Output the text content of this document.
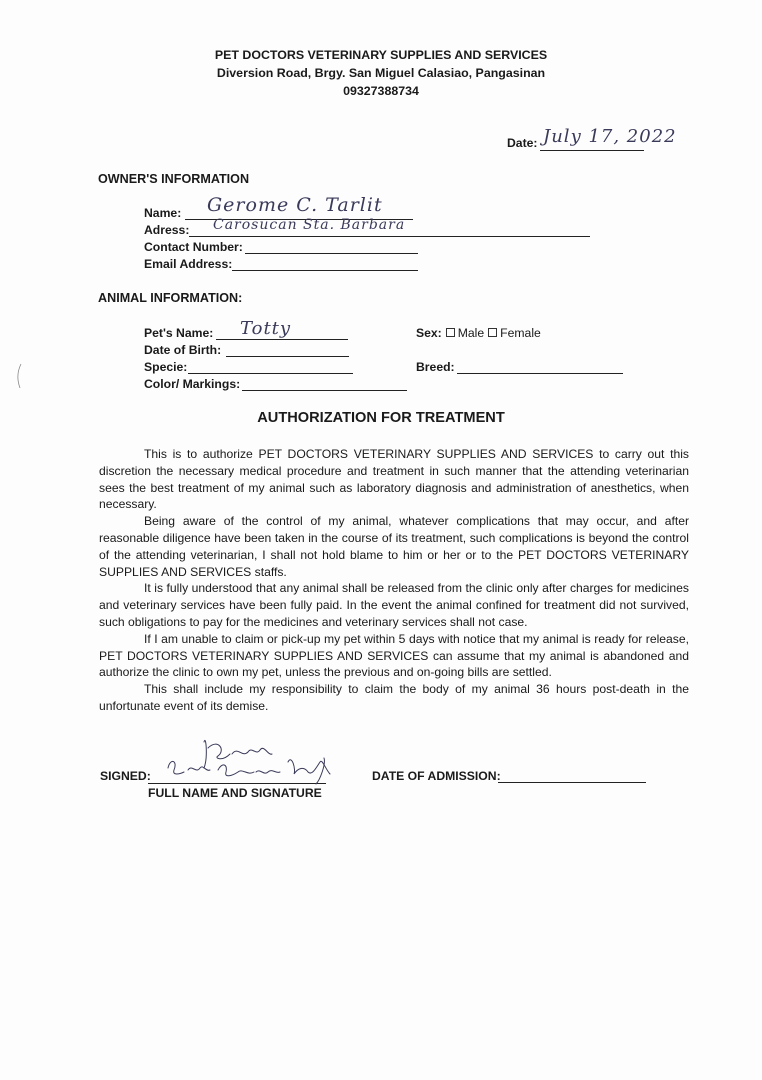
PET DOCTORS VETERINARY SUPPLIES AND SERVICES
Diversion Road, Brgy. San Miguel Calasiao, Pangasinan
09327388734
Date: July 17, 2022
OWNER'S INFORMATION
Name: Gerome C. Tarlit
Adress: Carosucan Sta. Barbara
Contact Number:
Email Address:
ANIMAL INFORMATION:
Pet's Name: Totty
Date of Birth:
Specie:
Color/ Markings:
Sex: Male Female
Breed:
AUTHORIZATION FOR TREATMENT

This is to authorize PET DOCTORS VETERINARY SUPPLIES AND SERVICES to carry out this discretion the necessary medical procedure and treatment in such manner that the attending veterinarian sees the best treatment of my animal such as laboratory diagnosis and administration of anesthetics, when necessary.

Being aware of the control of my animal, whatever complications that may occur, and after reasonable diligence have been taken in the course of its treatment, such complications is beyond the control of the attending veterinarian, I shall not hold blame to him or her or to the PET DOCTORS VETERINARY SUPPLIES AND SERVICES staffs.

It is fully understood that any animal shall be released from the clinic only after charges for medicines and veterinary services have been fully paid. In the event the animal confined for treatment did not survived, such obligations to pay for the medicines and veterinary services shall not case.

If I am unable to claim or pick-up my pet within 5 days with notice that my animal is ready for release, PET DOCTORS VETERINARY SUPPLIES AND SERVICES can assume that my animal is abandoned and authorize the clinic to own my pet, unless the previous and on-going bills are settled.

This shall include my responsibility to claim the body of my animal 36 hours post-death in the unfortunate event of its demise.

SIGNED:
FULL NAME AND SIGNATURE
DATE OF ADMISSION:
